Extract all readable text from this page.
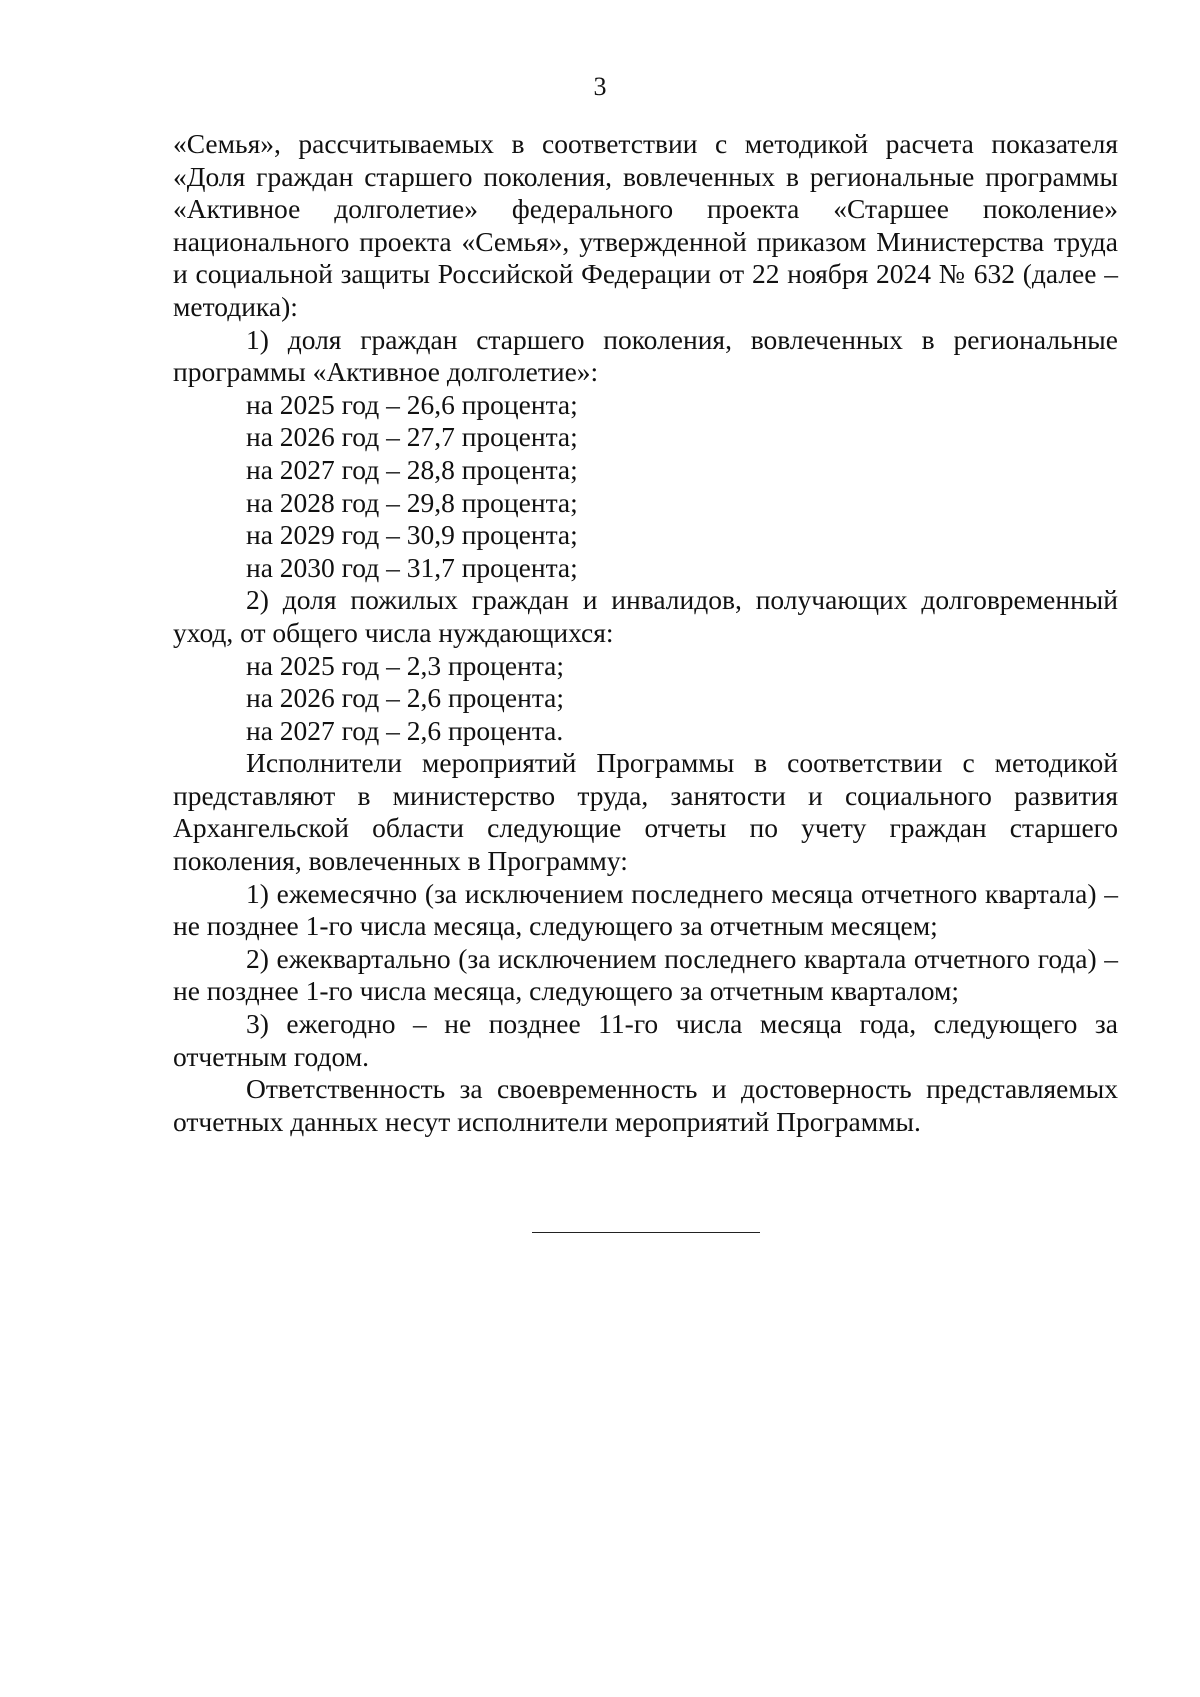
3

«Семья», рассчитываемых в соответствии с методикой расчета показателя «Доля граждан старшего поколения, вовлеченных в региональные программы «Активное долголетие» федерального проекта «Старшее поколение» национального проекта «Семья», утвержденной приказом Министерства труда и социальной защиты Российской Федерации от 22 ноября 2024 № 632 (далее – методика):

1) доля граждан старшего поколения, вовлеченных в региональные программы «Активное долголетие»:

на 2025 год – 26,6 процента;

на 2026 год – 27,7 процента;

на 2027 год – 28,8 процента;

на 2028 год – 29,8 процента;

на 2029 год – 30,9 процента;

на 2030 год – 31,7 процента;

2) доля пожилых граждан и инвалидов, получающих долговременный уход, от общего числа нуждающихся:

на 2025 год – 2,3 процента;

на 2026 год – 2,6 процента;

на 2027 год – 2,6 процента.

Исполнители мероприятий Программы в соответствии с методикой представляют в министерство труда, занятости и социального развития Архангельской области следующие отчеты по учету граждан старшего поколения, вовлеченных в Программу:

1) ежемесячно (за исключением последнего месяца отчетного квартала) – не позднее 1-го числа месяца, следующего за отчетным месяцем;

2) ежеквартально (за исключением последнего квартала отчетного года) – не позднее 1-го числа месяца, следующего за отчетным кварталом;

3) ежегодно – не позднее 11-го числа месяца года, следующего за отчетным годом.

Ответственность за своевременность и достоверность представляемых отчетных данных несут исполнители мероприятий Программы.
